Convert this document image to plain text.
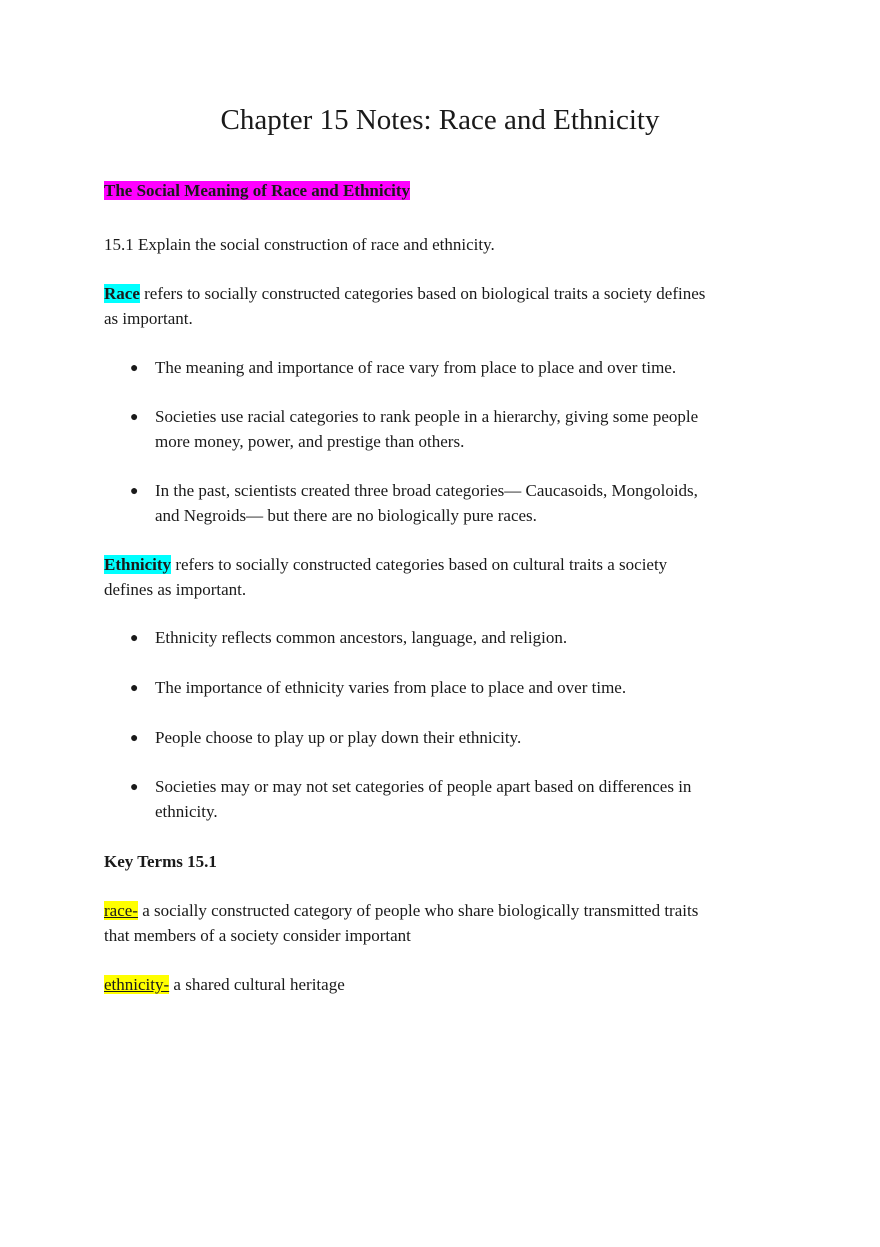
Chapter 15 Notes: Race and Ethnicity

The Social Meaning of Race and Ethnicity

15.1 Explain the social construction of race and ethnicity.

Race refers to socially constructed categories based on biological traits a society defines

as important.

● The meaning and importance of race vary from place to place and over time.

● Societies use racial categories to rank people in a hierarchy, giving some people

more money, power, and prestige than others.

● In the past, scientists created three broad categories— Caucasoids, Mongoloids,

and Negroids— but there are no biologically pure races.

Ethnicity refers to socially constructed categories based on cultural traits a society

defines as important.

● Ethnicity reflects common ancestors, language, and religion.

● The importance of ethnicity varies from place to place and over time.

● People choose to play up or play down their ethnicity.

● Societies may or may not set categories of people apart based on differences in

ethnicity.

Key Terms 15.1

race- a socially constructed category of people who share biologically transmitted traits

that members of a society consider important

ethnicity- a shared cultural heritage
